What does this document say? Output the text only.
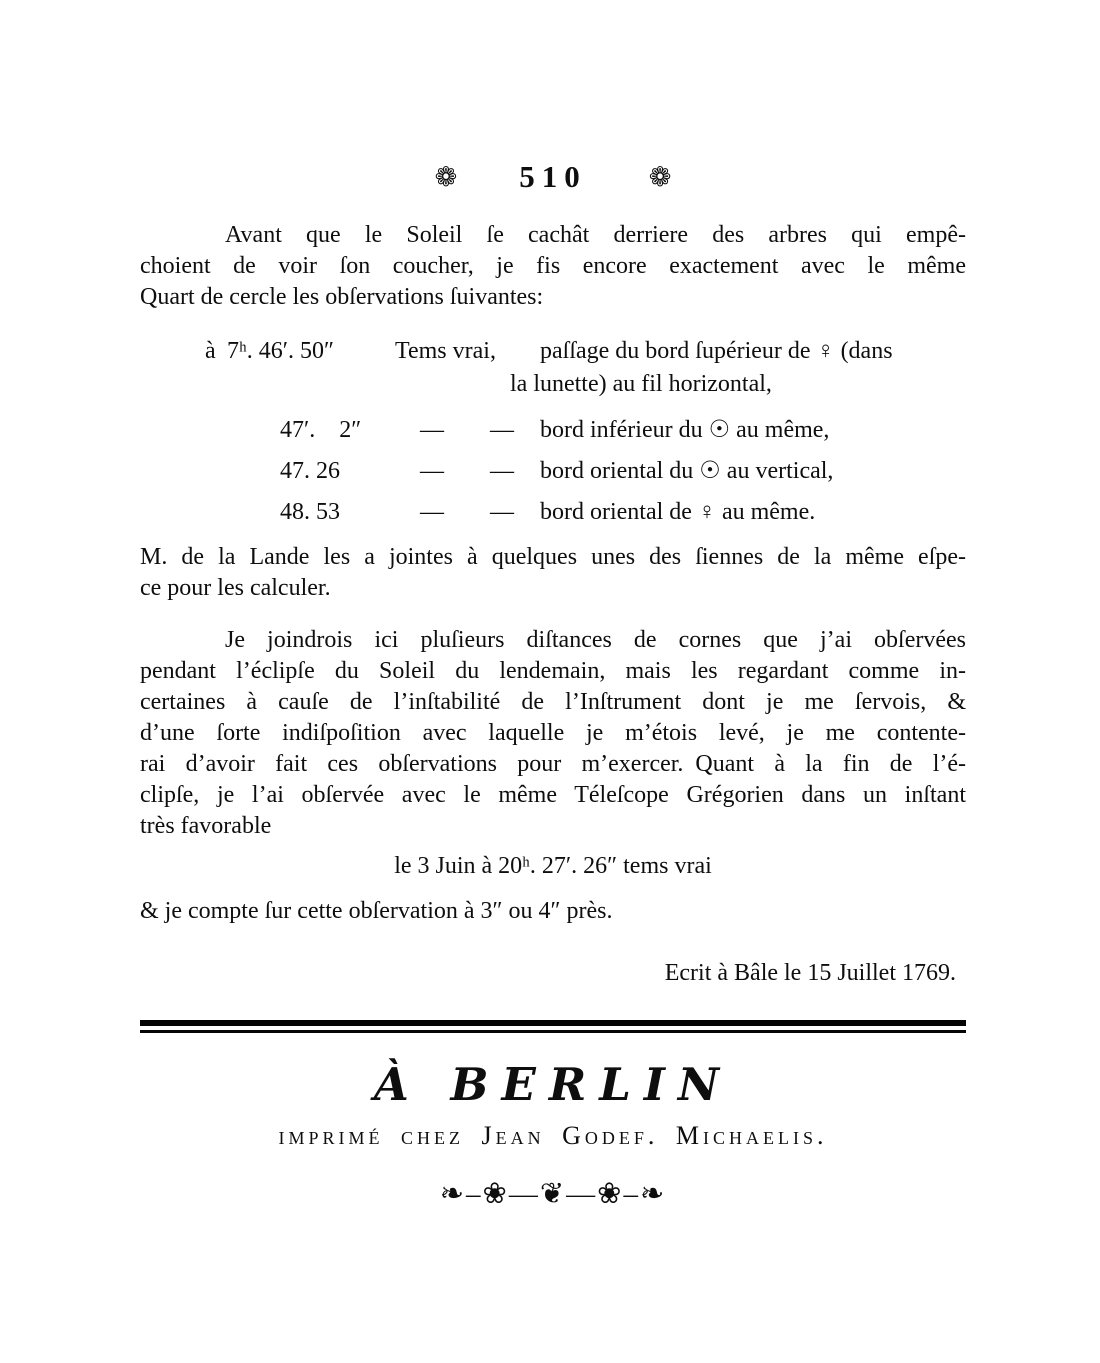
❁ 510 ❁
Avant que le Soleil ſe cachât derriere des arbres qui empê-
choient de voir ſon coucher, je fis encore exactement avec le même
Quart de cercle les obſervations ſuivantes:
à 7ʰ. 46′. 50″	Tems vrai,	paſſage du bord ſupérieur de ♀ (dans
la lunette) au fil horizontal,
47′.  2″	—	—	bord inférieur du ☉ au même,
47. 26	—	—	bord oriental du ☉ au vertical,
48. 53	—	—	bord oriental de ♀ au même.
M. de la Lande les a jointes à quelques unes des ſiennes de la même eſpe-
ce pour les calculer.
Je joindrois ici pluſieurs diſtances de cornes que j’ai obſervées
pendant l’éclipſe du Soleil du lendemain, mais les regardant comme in-
certaines à cauſe de l’inſtabilité de l’Inſtrument dont je me ſervois, &
d’une ſorte indiſpoſition avec laquelle je m’étois levé, je me contente-
rai d’avoir fait ces obſervations pour m’exercer. Quant à la fin de l’é-
clipſe, je l’ai obſervée avec le même Téleſcope Grégorien dans un inſtant
très favorable
le 3 Juin à 20ʰ. 27′. 26″ tems vrai
& je compte ſur cette obſervation à 3″ ou 4″ près.
Ecrit à Bâle le 15 Juillet 1769.
À BERLIN
imprimé chez Jean Godef. Michaelis.
❧–❀—❦—❀–❧
